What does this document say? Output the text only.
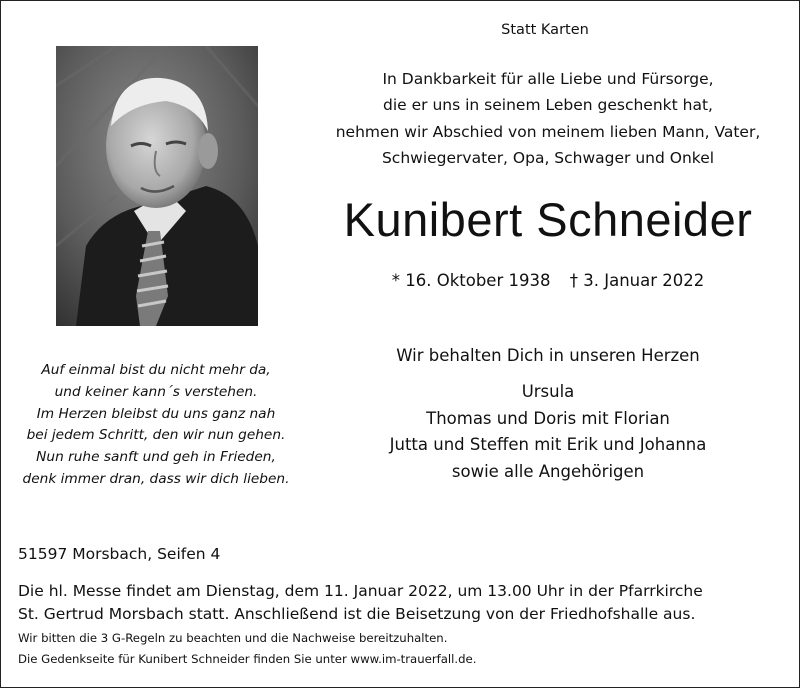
Statt Karten
In Dankbarkeit für alle Liebe und Fürsorge,
die er uns in seinem Leben geschenkt hat,
nehmen wir Abschied von meinem lieben Mann, Vater,
Schwiegervater, Opa, Schwager und Onkel
Kunibert Schneider
* 16. Oktober 1938 † 3. Januar 2022
Wir behalten Dich in unseren Herzen
Ursula
Thomas und Doris mit Florian
Jutta und Steffen mit Erik und Johanna
sowie alle Angehörigen
Auf einmal bist du nicht mehr da,
und keiner kann´s verstehen.
Im Herzen bleibst du uns ganz nah
bei jedem Schritt, den wir nun gehen.
Nun ruhe sanft und geh in Frieden,
denk immer dran, dass wir dich lieben.
51597 Morsbach, Seifen 4
Die hl. Messe findet am Dienstag, dem 11. Januar 2022, um 13.00 Uhr in der Pfarrkirche
St. Gertrud Morsbach statt. Anschließend ist die Beisetzung von der Friedhofshalle aus.
Wir bitten die 3 G-Regeln zu beachten und die Nachweise bereitzuhalten.
Die Gedenkseite für Kunibert Schneider finden Sie unter www.im-trauerfall.de.
